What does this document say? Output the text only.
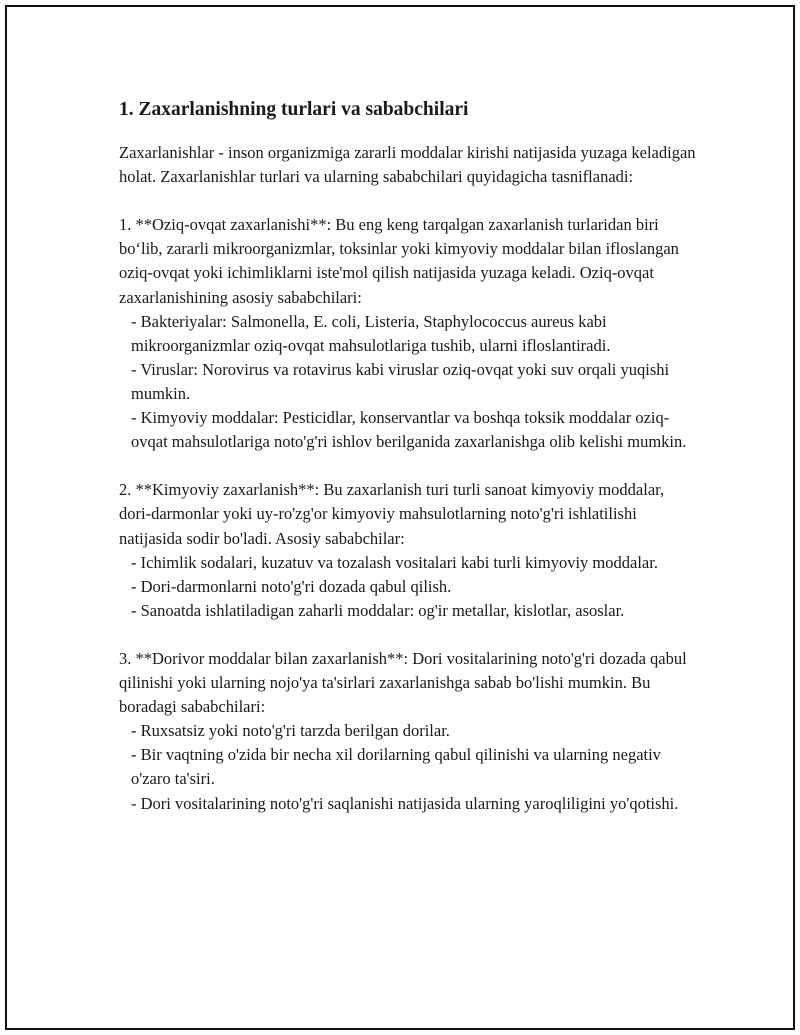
1. Zaxarlanishning turlari va sababchilari

Zaxarlanishlar - inson organizmiga zararli moddalar kirishi natijasida yuzaga keladigan holat. Zaxarlanishlar turlari va ularning sababchilari quyidagicha tasniflanadi:

1. **Oziq-ovqat zaxarlanishi**: Bu eng keng tarqalgan zaxarlanish turlaridan biri bo‘lib, zararli mikroorganizmlar, toksinlar yoki kimyoviy moddalar bilan ifloslangan oziq-ovqat yoki ichimliklarni iste'mol qilish natijasida yuzaga keladi. Oziq-ovqat zaxarlanishining asosiy sababchilari:

- Bakteriyalar: Salmonella, E. coli, Listeria, Staphylococcus aureus kabi mikroorganizmlar oziq-ovqat mahsulotlariga tushib, ularni ifloslantiradi.

- Viruslar: Norovirus va rotavirus kabi viruslar oziq-ovqat yoki suv orqali yuqishi mumkin.

- Kimyoviy moddalar: Pesticidlar, konservantlar va boshqa toksik moddalar oziq-ovqat mahsulotlariga noto'g'ri ishlov berilganida zaxarlanishga olib kelishi mumkin.

2. **Kimyoviy zaxarlanish**: Bu zaxarlanish turi turli sanoat kimyoviy moddalar, dori-darmonlar yoki uy-ro'zg'or kimyoviy mahsulotlarning noto'g'ri ishlatilishi natijasida sodir bo'ladi. Asosiy sababchilar:

- Ichimlik sodalari, kuzatuv va tozalash vositalari kabi turli kimyoviy moddalar.

- Dori-darmonlarni noto'g'ri dozada qabul qilish.

- Sanoatda ishlatiladigan zaharli moddalar: og'ir metallar, kislotlar, asoslar.

3. **Dorivor moddalar bilan zaxarlanish**: Dori vositalarining noto'g'ri dozada qabul qilinishi yoki ularning nojo'ya ta'sirlari zaxarlanishga sabab bo'lishi mumkin. Bu boradagi sababchilari:

- Ruxsatsiz yoki noto'g'ri tarzda berilgan dorilar.

- Bir vaqtning o'zida bir necha xil dorilarning qabul qilinishi va ularning negativ o'zaro ta'siri.

- Dori vositalarining noto'g'ri saqlanishi natijasida ularning yaroqliligini yo'qotishi.
